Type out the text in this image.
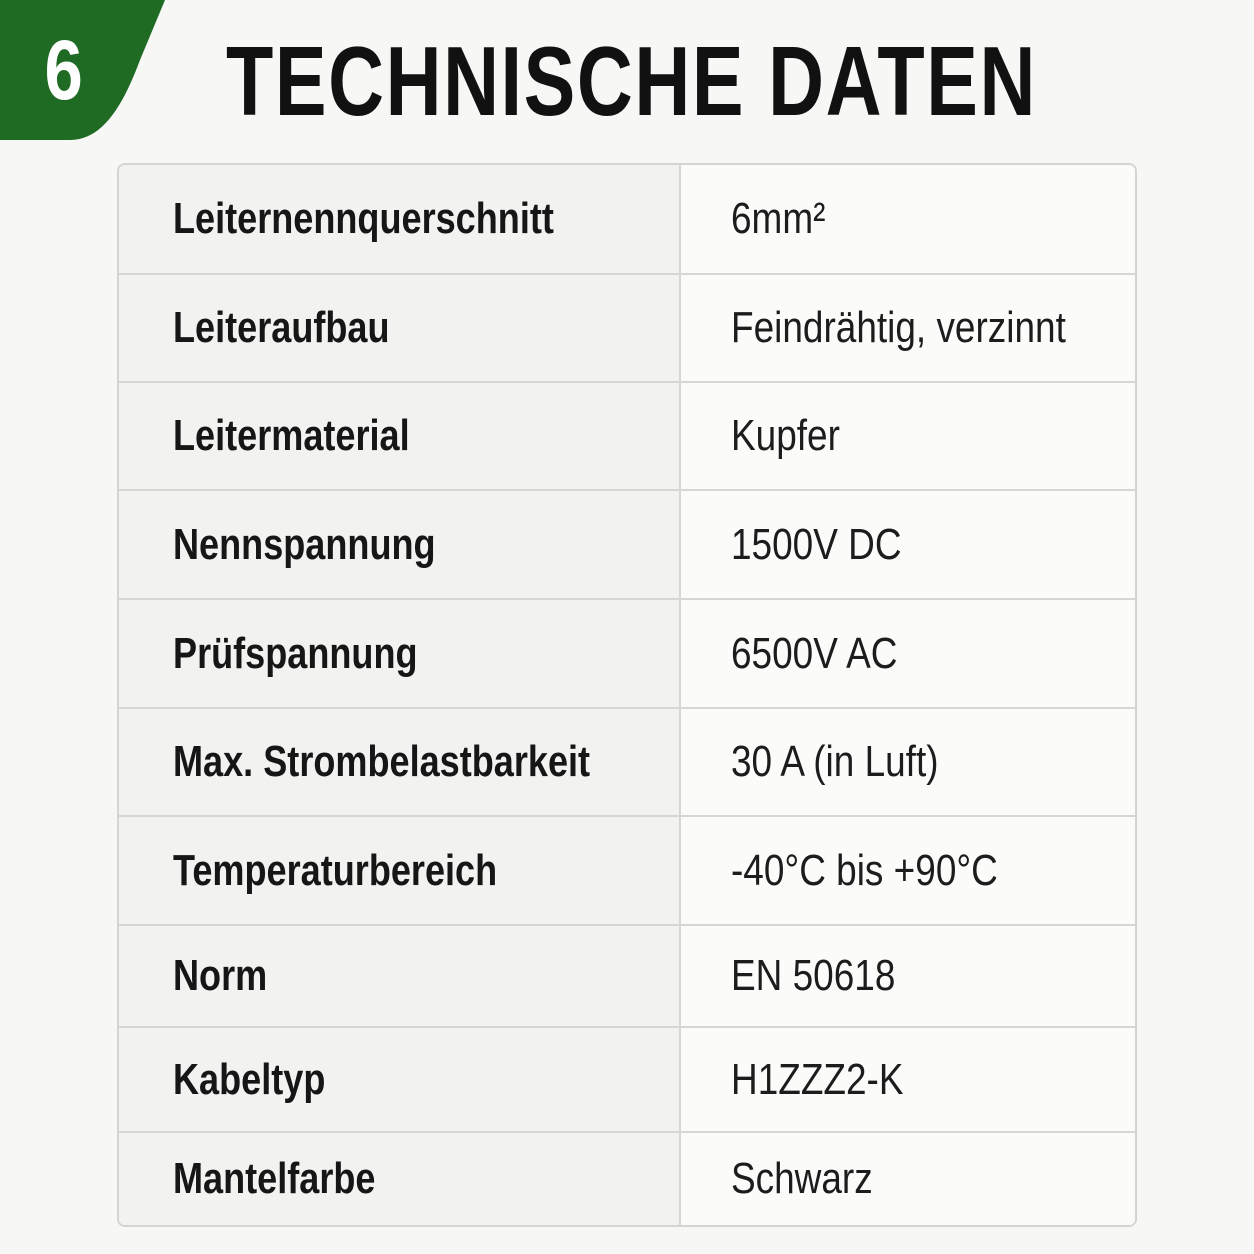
6	TECHNISCHE DATEN
Leiternennquerschnitt	6mm²
Leiteraufbau	Feindrähtig, verzinnt
Leitermaterial	Kupfer
Nennspannung	1500V DC
Prüfspannung	6500V AC
Max. Strombelastbarkeit	30 A (in Luft)
Temperaturbereich	-40°C bis +90°C
Norm	EN 50618
Kabeltyp	H1ZZZ2-K
Mantelfarbe	Schwarz
